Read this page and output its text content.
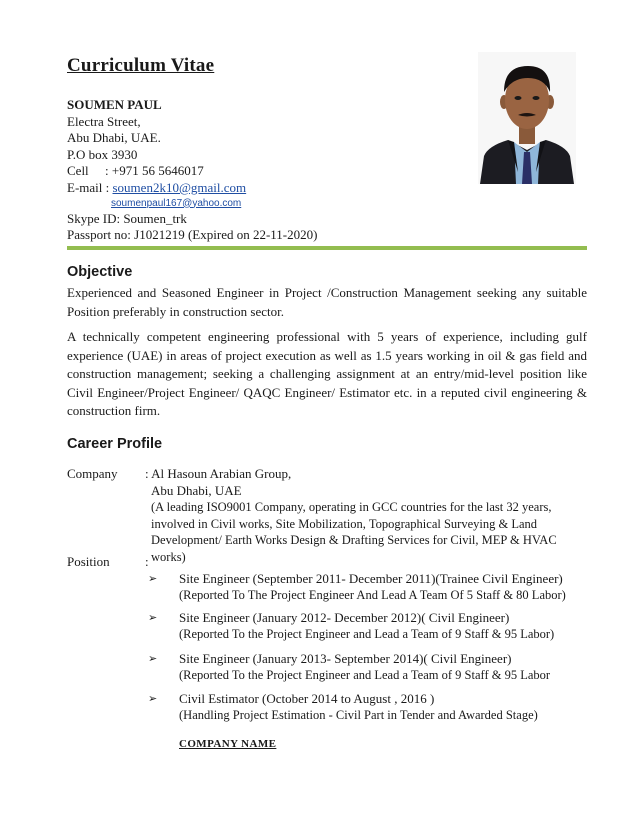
Curriculum Vitae
SOUMEN PAUL
Electra Street,
Abu Dhabi, UAE.
P.O box 3930
Cell : +971 56 5646017
E-mail : soumen2k10@gmail.com
soumenpaul167@yahoo.com
Skype ID: Soumen_trk
Passport no: J1021219 (Expired on 22-11-2020)
Objective

Experienced and Seasoned Engineer in Project /Construction Management seeking any suitable Position preferably in construction sector.

A technically competent engineering professional with 5 years of experience, including gulf experience (UAE) in areas of project execution as well as 1.5 years working in oil & gas field and construction management; seeking a challenging assignment at an entry/mid-level position like Civil Engineer/Project Engineer/ QAQC Engineer/ Estimator etc. in a reputed civil engineering & construction firm.

Career Profile
Company	: Al Hasoun Arabian Group,
Abu Dhabi, UAE
(A leading ISO9001 Company, operating in GCC countries for the last 32 years, involved in Civil works, Site Mobilization, Topographical Surveying & Land Development/ Earth Works Design & Drafting Services for Civil, MEP & HVAC works)
Position	:
➢	Site Engineer (September 2011- December 2011)(Trainee Civil Engineer)
(Reported To The Project Engineer And Lead A Team Of 5 Staff & 80 Labor)
➢	Site Engineer (January 2012- December 2012)( Civil Engineer)
(Reported To the Project Engineer and Lead a Team of 9 Staff & 95 Labor)
➢	Site Engineer (January 2013- September 2014)( Civil Engineer)
(Reported To the Project Engineer and Lead a Team of 9 Staff & 95 Labor
➢	Civil Estimator (October 2014 to August , 2016 )
(Handling Project Estimation - Civil Part in Tender and Awarded Stage)
COMPANY NAME
